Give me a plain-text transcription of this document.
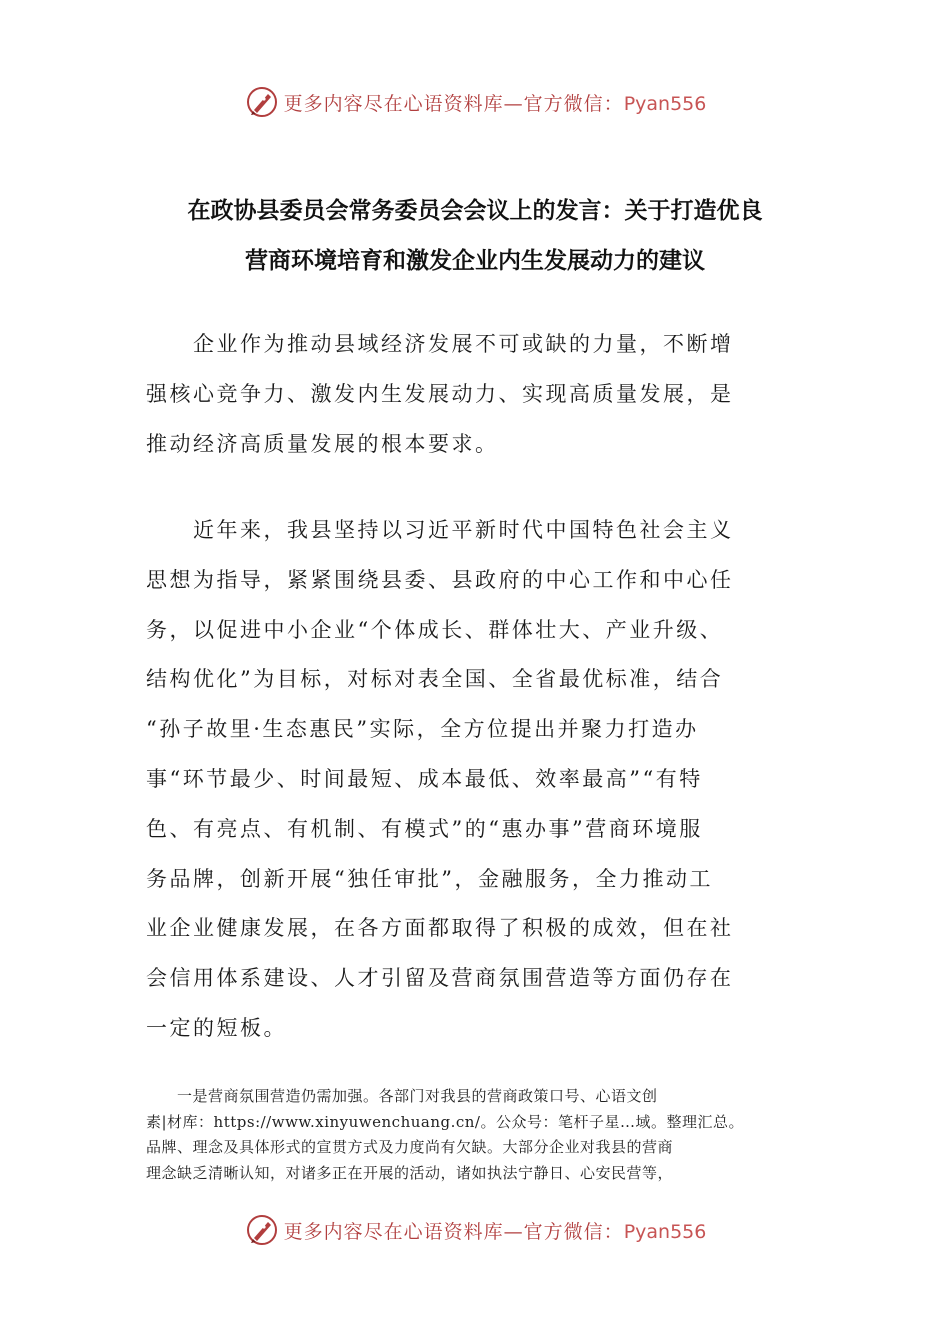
更多内容尽在心语资料库—官方微信：Pyan556
在政协县委员会常务委员会会议上的发言：关于打造优良
营商环境培育和激发企业内生发展动力的建议
　　企业作为推动县域经济发展不可或缺的力量，不断增
强核心竞争力、激发内生发展动力、实现高质量发展，是
推动经济高质量发展的根本要求。
　　近年来，我县坚持以习近平新时代中国特色社会主义
思想为指导，紧紧围绕县委、县政府的中心工作和中心任
务，以促进中小企业“个体成长、群体壮大、产业升级、
结构优化”为目标，对标对表全国、全省最优标准，结合
“孙子故里·生态惠民”实际，全方位提出并聚力打造办
事“环节最少、时间最短、成本最低、效率最高”“有特
色、有亮点、有机制、有模式”的“惠办事”营商环境服
务品牌，创新开展“独任审批”，金融服务，全力推动工
业企业健康发展，在各方面都取得了积极的成效，但在社
会信用体系建设、人才引留及营商氛围营造等方面仍存在
一定的短板。
　　一是营商氛围营造仍需加强。各部门对我县的营商政策口号、心语文创
素|材库：https://www.xinyuwenchuang.cn/。公众号：笔杆子星…域。整理汇总。
品牌、理念及具体形式的宣贯方式及力度尚有欠缺。大部分企业对我县的营商
理念缺乏清晰认知，对诸多正在开展的活动，诸如执法宁静日、心安民营等，
更多内容尽在心语资料库—官方微信：Pyan556
